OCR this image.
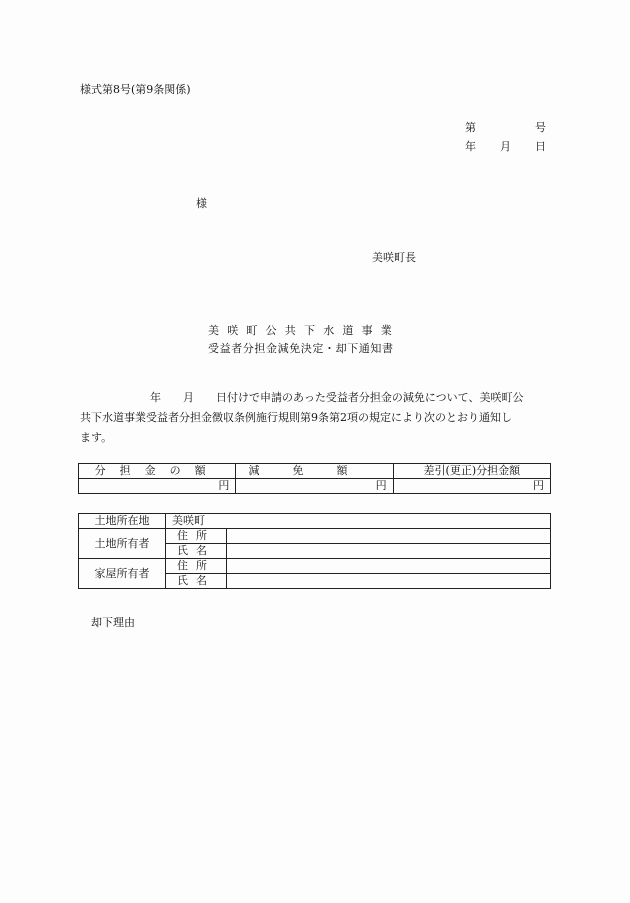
様式第8号(第9条関係)
第	号
年 月 日
様
美咲町長
美咲町公共下水道事業
受益者分担金減免決定・却下通知書
年 月 日付けで申請のあった受益者分担金の減免について、美咲町公
共下水道事業受益者分担金徴収条例施行規則第9条第2項の規定により次のとおり通知し
ます。
分担金の額	減免額	差引(更正)分担金額
円	円	円
土地所在地	美咲町	
土地所有者	住所	
	氏名	
家屋所有者	住所	
	氏名	
却下理由
